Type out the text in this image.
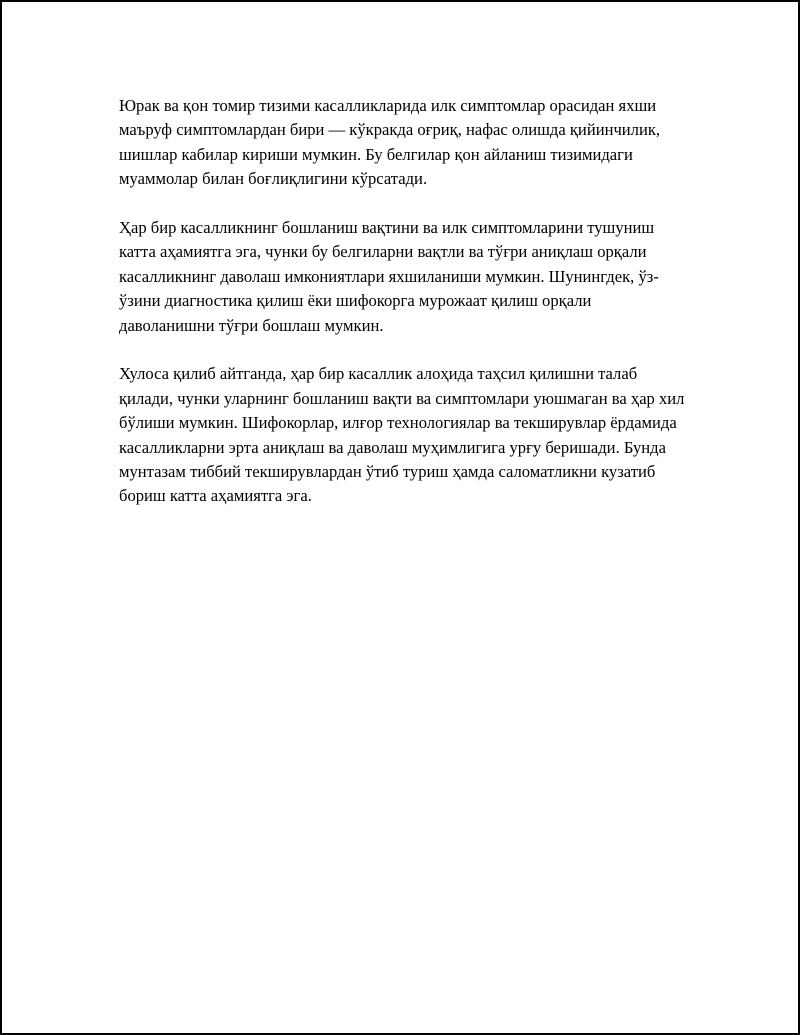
Юрак ва қон томир тизими касалликларида илк симптомлар орасидан яхши маъруф симптомлардан бири — кўкракда оғриқ, нафас олишда қийинчилик, шишлар кабилар кириши мумкин. Бу белгилар қон айланиш тизимидаги муаммолар билан боғлиқлигини кўрсатади.

Ҳар бир касалликнинг бошланиш вақтини ва илк симптомларини тушуниш катта аҳамиятга эга, чунки бу белгиларни вақтли ва тўғри аниқлаш орқали касалликнинг даволаш имкониятлари яхшиланиши мумкин. Шунингдек, ўз-ўзини диагностика қилиш ёки шифокорга мурожаат қилиш орқали даволанишни тўғри бошлаш мумкин.

Хулоса қилиб айтганда, ҳар бир касаллик алоҳида таҳсил қилишни талаб қилади, чунки уларнинг бошланиш вақти ва симптомлари уюшмаган ва ҳар хил бўлиши мумкин. Шифокорлар, илғор технологиялар ва текширувлар ёрдамида касалликларни эрта аниқлаш ва даволаш муҳимлигига урғу беришади. Бунда мунтазам тиббий текширувлардан ўтиб туриш ҳамда саломатликни кузатиб бориш катта аҳамиятга эга.
